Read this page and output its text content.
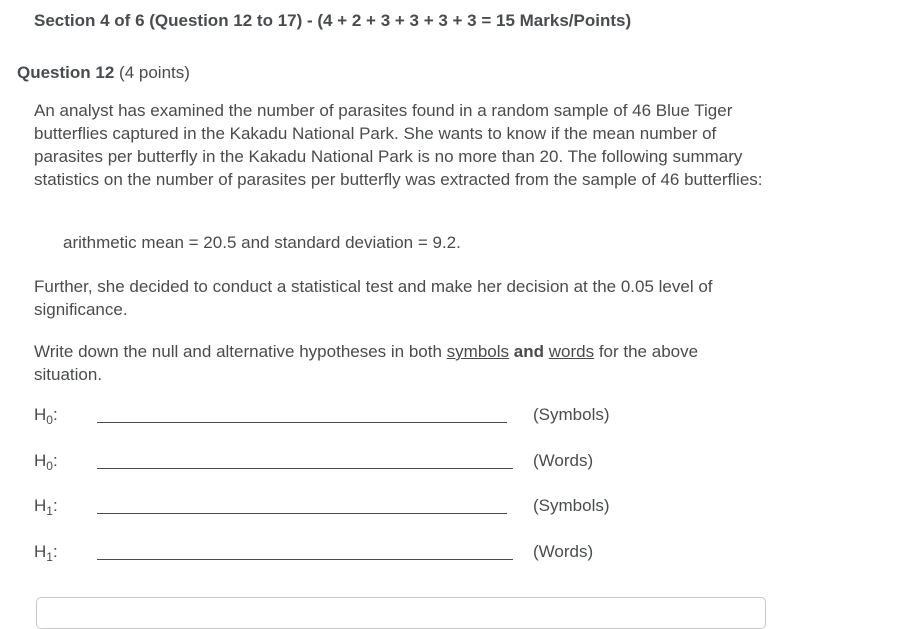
Section 4 of 6 (Question 12 to 17) - (4 + 2 + 3 + 3 + 3 + 3 = 15 Marks/Points)
Question 12 (4 points)

An analyst has examined the number of parasites found in a random sample of 46 Blue Tiger butterflies captured in the Kakadu National Park. She wants to know if the mean number of parasites per butterfly in the Kakadu National Park is no more than 20. The following summary statistics on the number of parasites per butterfly was extracted from the sample of 46 butterflies:

arithmetic mean = 20.5 and standard deviation = 9.2.

Further, she decided to conduct a statistical test and make her decision at the 0.05 level of significance.

Write down the null and alternative hypotheses in both symbols and words for the above situation.

$H_0$:	(Symbols)
$H_0$:	(Words)
$H_1$:	(Symbols)
$H_1$:	(Words)
